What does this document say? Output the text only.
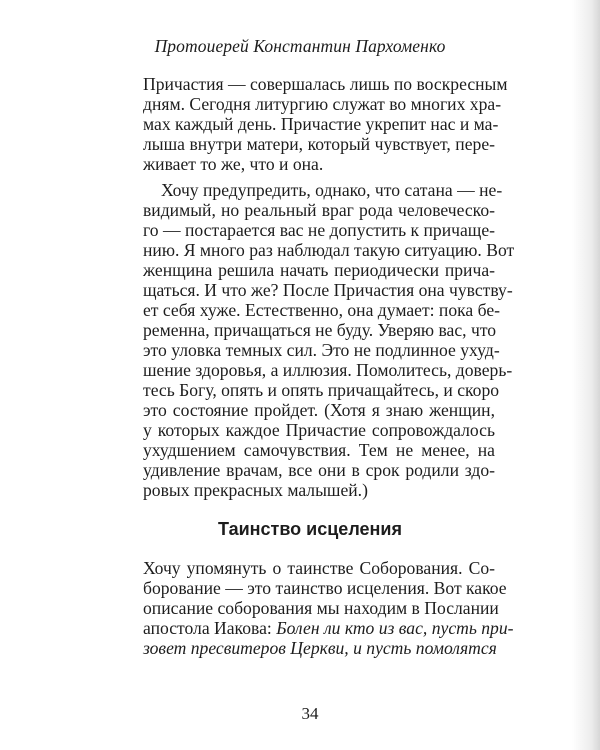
Протоиерей Константин Пархоменко
Причастия — совершалась лишь по воскресным
дням. Сегодня литургию служат во многих хра-
мах каждый день. Причастие укрепит нас и ма-
лыша внутри матери, который чувствует, пере-
живает то же, что и она.
Хочу предупредить, однако, что сатана — не-
видимый, но реальный враг рода человеческо-
го — постарается вас не допустить к причаще-
нию. Я много раз наблюдал такую ситуацию. Вот
женщина решила начать периодически прича-
щаться. И что же? После Причастия она чувству-
ет себя хуже. Естественно, она думает: пока бе-
ременна, причащаться не буду. Уверяю вас, что
это уловка темных сил. Это не подлинное ухуд-
шение здоровья, а иллюзия. Помолитесь, доверь-
тесь Богу, опять и опять причащайтесь, и скоро
это состояние пройдет. (Хотя я знаю женщин,
у которых каждое Причастие сопровождалось
ухудшением самочувствия. Тем не менее, на
удивление врачам, все они в срок родили здо-
ровых прекрасных малышей.)
Таинство исцеления
Хочу упомянуть о таинстве Соборования. Со-
борование — это таинство исцеления. Вот какое
описание соборования мы находим в Послании
апостола Иакова: Болен ли кто из вас, пусть при-
зовет пресвитеров Церкви, и пусть помолятся
34
